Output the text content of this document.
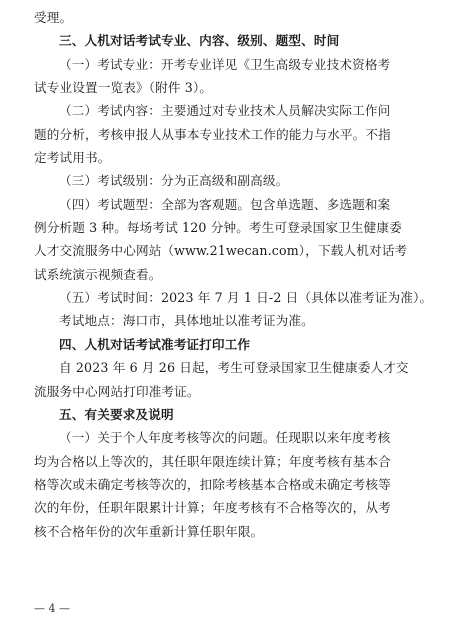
受理。
三、人机对话考试专业、内容、级别、题型、时间
（一）考试专业：开考专业详见《卫生高级专业技术资格考
试专业设置一览表》（附件 3）。
（二）考试内容：主要通过对专业技术人员解决实际工作问
题的分析，考核申报人从事本专业技术工作的能力与水平。不指
定考试用书。
（三）考试级别：分为正高级和副高级。
（四）考试题型：全部为客观题。包含单选题、多选题和案
例分析题 3 种。每场考试 120 分钟。考生可登录国家卫生健康委
人才交流服务中心网站（www.21wecan.com），下载人机对话考
试系统演示视频查看。
（五）考试时间：2023 年 7 月 1 日-2 日（具体以准考证为准）。
考试地点：海口市，具体地址以准考证为准。
四、人机对话考试准考证打印工作
自 2023 年 6 月 26 日起，考生可登录国家卫生健康委人才交
流服务中心网站打印准考证。
五、有关要求及说明
（一）关于个人年度考核等次的问题。任现职以来年度考核
均为合格以上等次的，其任职年限连续计算；年度考核有基本合
格等次或未确定考核等次的，扣除考核基本合格或未确定考核等
次的年份，任职年限累计计算；年度考核有不合格等次的，从考
核不合格年份的次年重新计算任职年限。
— 4 —
